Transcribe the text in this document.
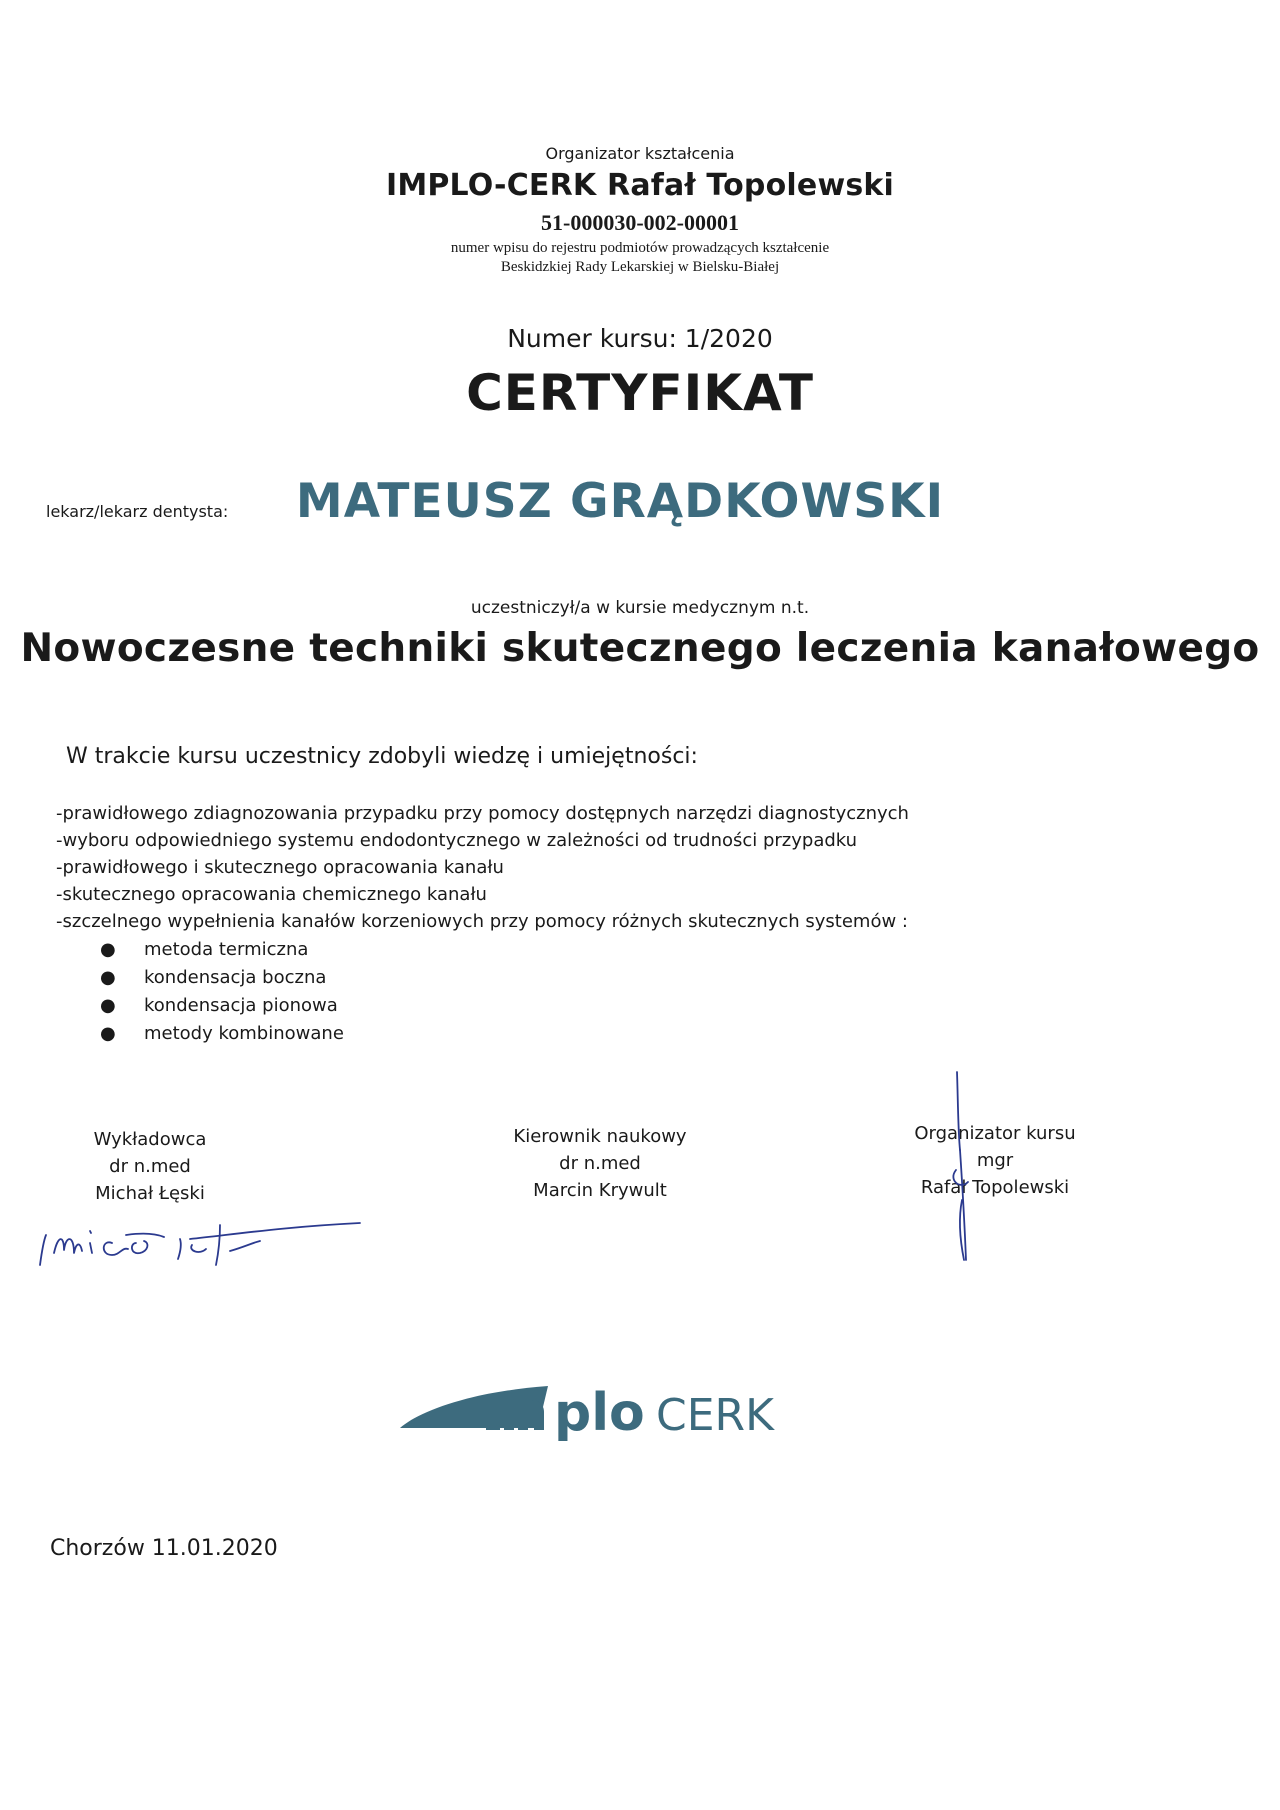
Organizator kształcenia
IMPLO-CERK Rafał Topolewski
51-000030-002-00001
numer wpisu do rejestru podmiotów prowadzących kształcenie
Beskidzkiej Rady Lekarskiej w Bielsku-Białej
Numer kursu: 1/2020
CERTYFIKAT
lekarz/lekarz dentysta:	MATEUSZ GRĄDKOWSKI
uczestniczył/a w kursie medycznym n.t.
Nowoczesne techniki skutecznego leczenia kanałowego
W trakcie kursu uczestnicy zdobyli wiedzę i umiejętności:
-prawidłowego zdiagnozowania przypadku przy pomocy dostępnych narzędzi diagnostycznych
-wyboru odpowiedniego systemu endodontycznego w zależności od trudności przypadku
-prawidłowego i skutecznego opracowania kanału
-skutecznego opracowania chemicznego kanału
-szczelnego wypełnienia kanałów korzeniowych przy pomocy różnych skutecznych systemów :
● metoda termiczna
● kondensacja boczna
● kondensacja pionowa
● metody kombinowane
Wykładowca
dr n.med
Michał Łęski
Kierownik naukowy
dr n.med
Marcin Krywult
Organizator kursu
mgr
Rafał Topolewski
plo CERK
Chorzów 11.01.2020
